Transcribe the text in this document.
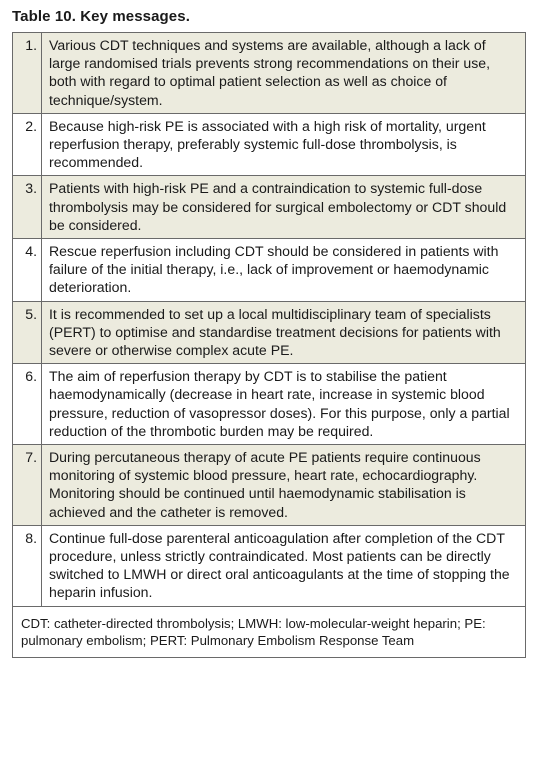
Table 10. Key messages.
1.	Various CDT techniques and systems are available, although a lack of large randomised trials prevents strong recommendations on their use, both with regard to optimal patient selection as well as choice of technique/system.
2.	Because high-risk PE is associated with a high risk of mortality, urgent reperfusion therapy, preferably systemic full-dose thrombolysis, is recommended.
3.	Patients with high-risk PE and a contraindication to systemic full-dose thrombolysis may be considered for surgical embolectomy or CDT should be considered.
4.	Rescue reperfusion including CDT should be considered in patients with failure of the initial therapy, i.e., lack of improvement or haemodynamic deterioration.
5.	It is recommended to set up a local multidisciplinary team of specialists (PERT) to optimise and standardise treatment decisions for patients with severe or otherwise complex acute PE.
6.	The aim of reperfusion therapy by CDT is to stabilise the patient haemodynamically (decrease in heart rate, increase in systemic blood pressure, reduction of vasopressor doses). For this purpose, only a partial reduction of the thrombotic burden may be required.
7.	During percutaneous therapy of acute PE patients require continuous monitoring of systemic blood pressure, heart rate, echocardiography. Monitoring should be continued until haemodynamic stabilisation is achieved and the catheter is removed.
8.	Continue full-dose parenteral anticoagulation after completion of the CDT procedure, unless strictly contraindicated. Most patients can be directly switched to LMWH or direct oral anticoagulants at the time of stopping the heparin infusion.
CDT: catheter-directed thrombolysis; LMWH: low-molecular-weight heparin; PE: pulmonary embolism; PERT: Pulmonary Embolism Response Team	
